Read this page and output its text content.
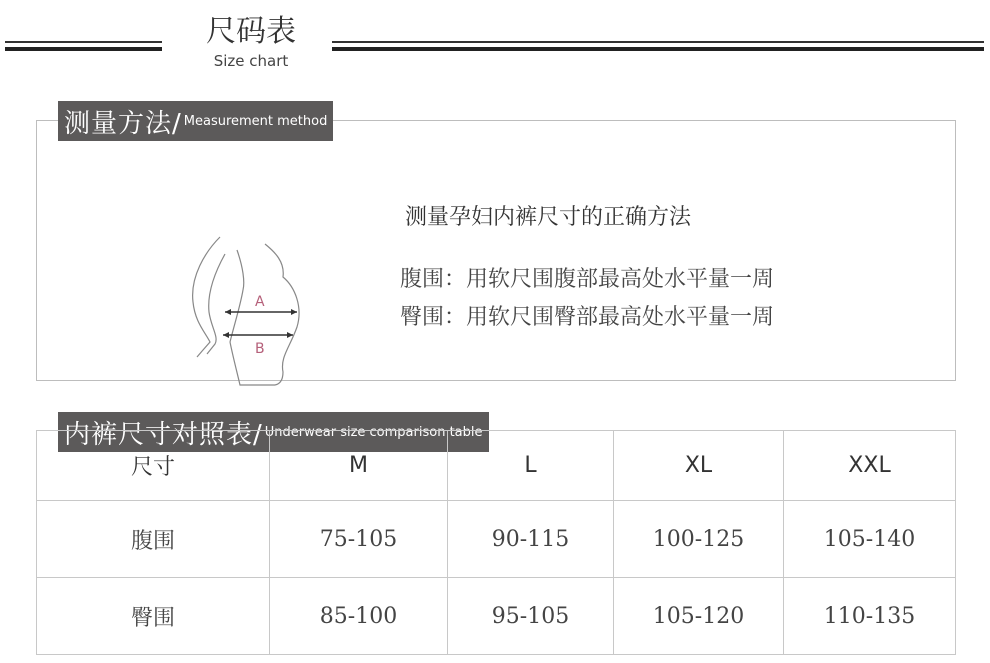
尺码表
Size chart
测量方法/ Measurement method
A
B
测量孕妇内裤尺寸的正确方法
腹围：用软尺围腹部最高处水平量一周
臀围：用软尺围臀部最高处水平量一周
内裤尺寸对照表/ Underwear size comparison table
尺寸	M	L	XL	XXL
腹围	75-105	90-115	100-125	105-140
臀围	85-100	95-105	105-120	110-135
